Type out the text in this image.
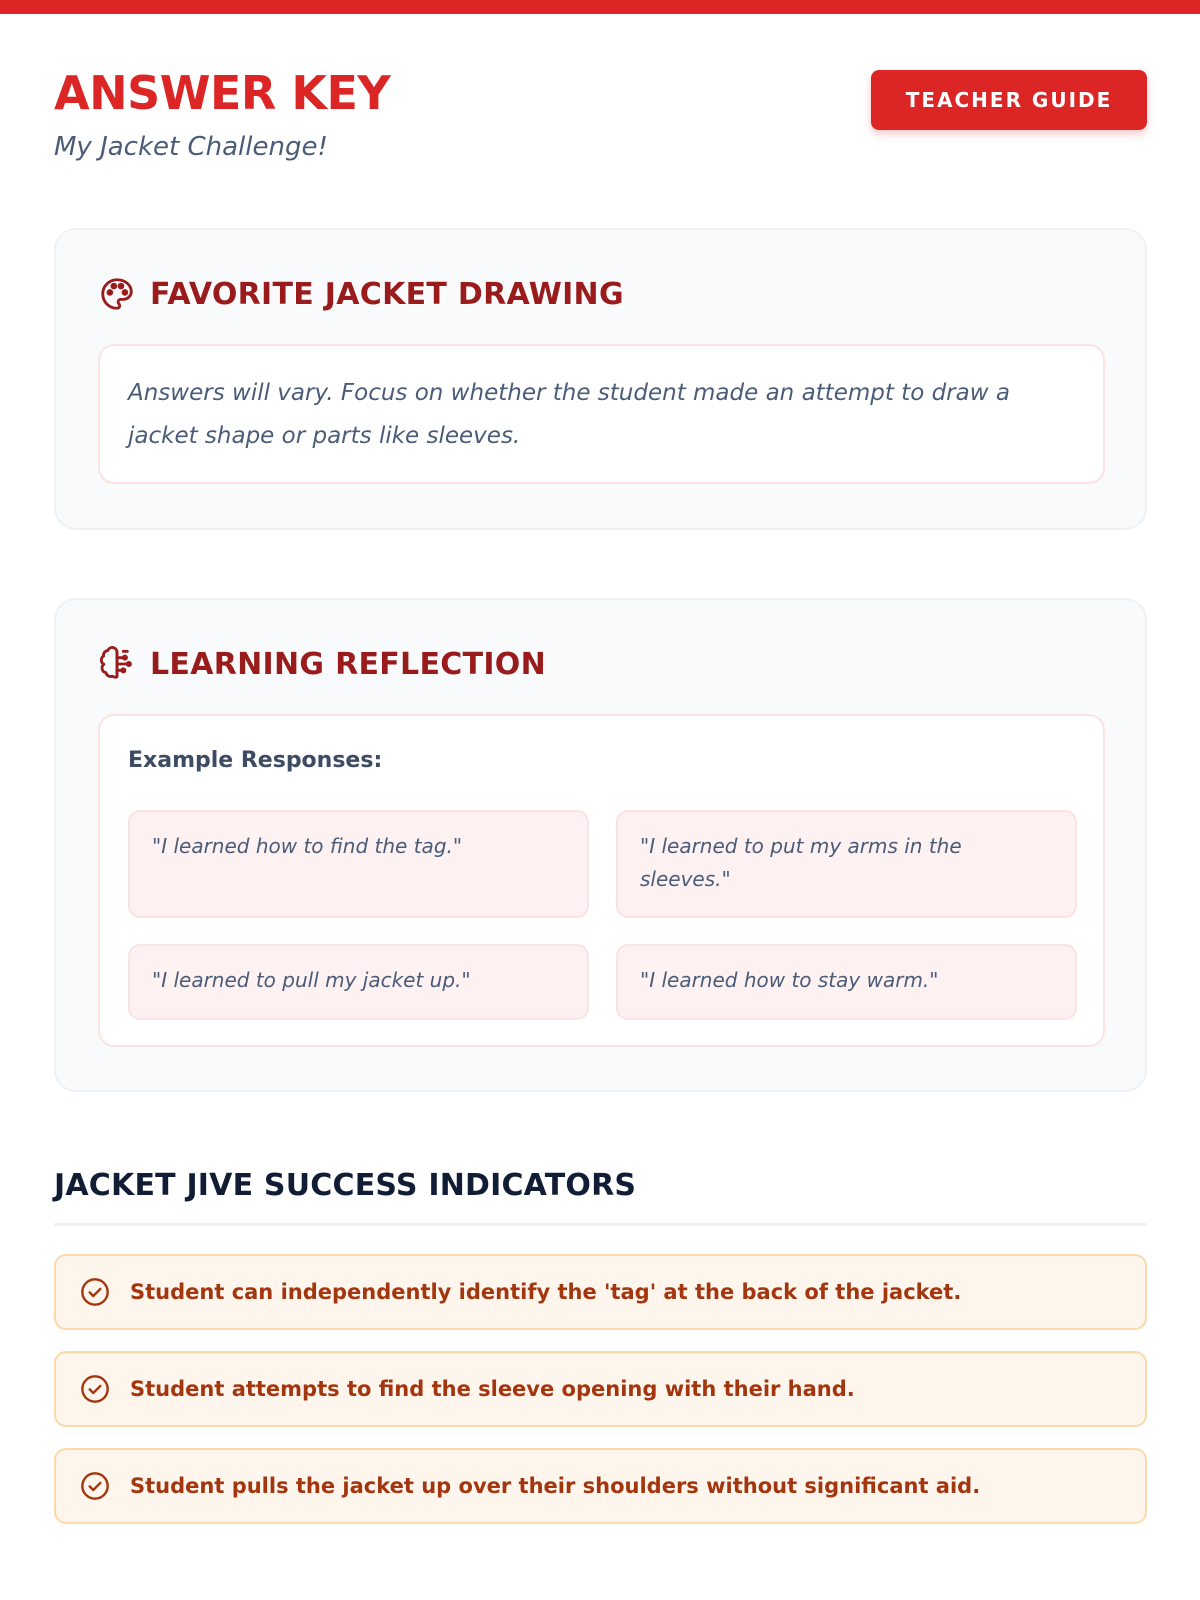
ANSWER KEY
My Jacket Challenge!
TEACHER GUIDE
FAVORITE JACKET DRAWING

Answers will vary. Focus on whether the student made an attempt to draw a jacket shape or parts like sleeves.

LEARNING REFLECTION
Example Responses:
"I learned how to find the tag."	"I learned to put my arms in the sleeves."
"I learned to pull my jacket up."	"I learned how to stay warm."
JACKET JIVE SUCCESS INDICATORS
Student can independently identify the 'tag' at the back of the jacket.
Student attempts to find the sleeve opening with their hand.
Student pulls the jacket up over their shoulders without significant aid.
